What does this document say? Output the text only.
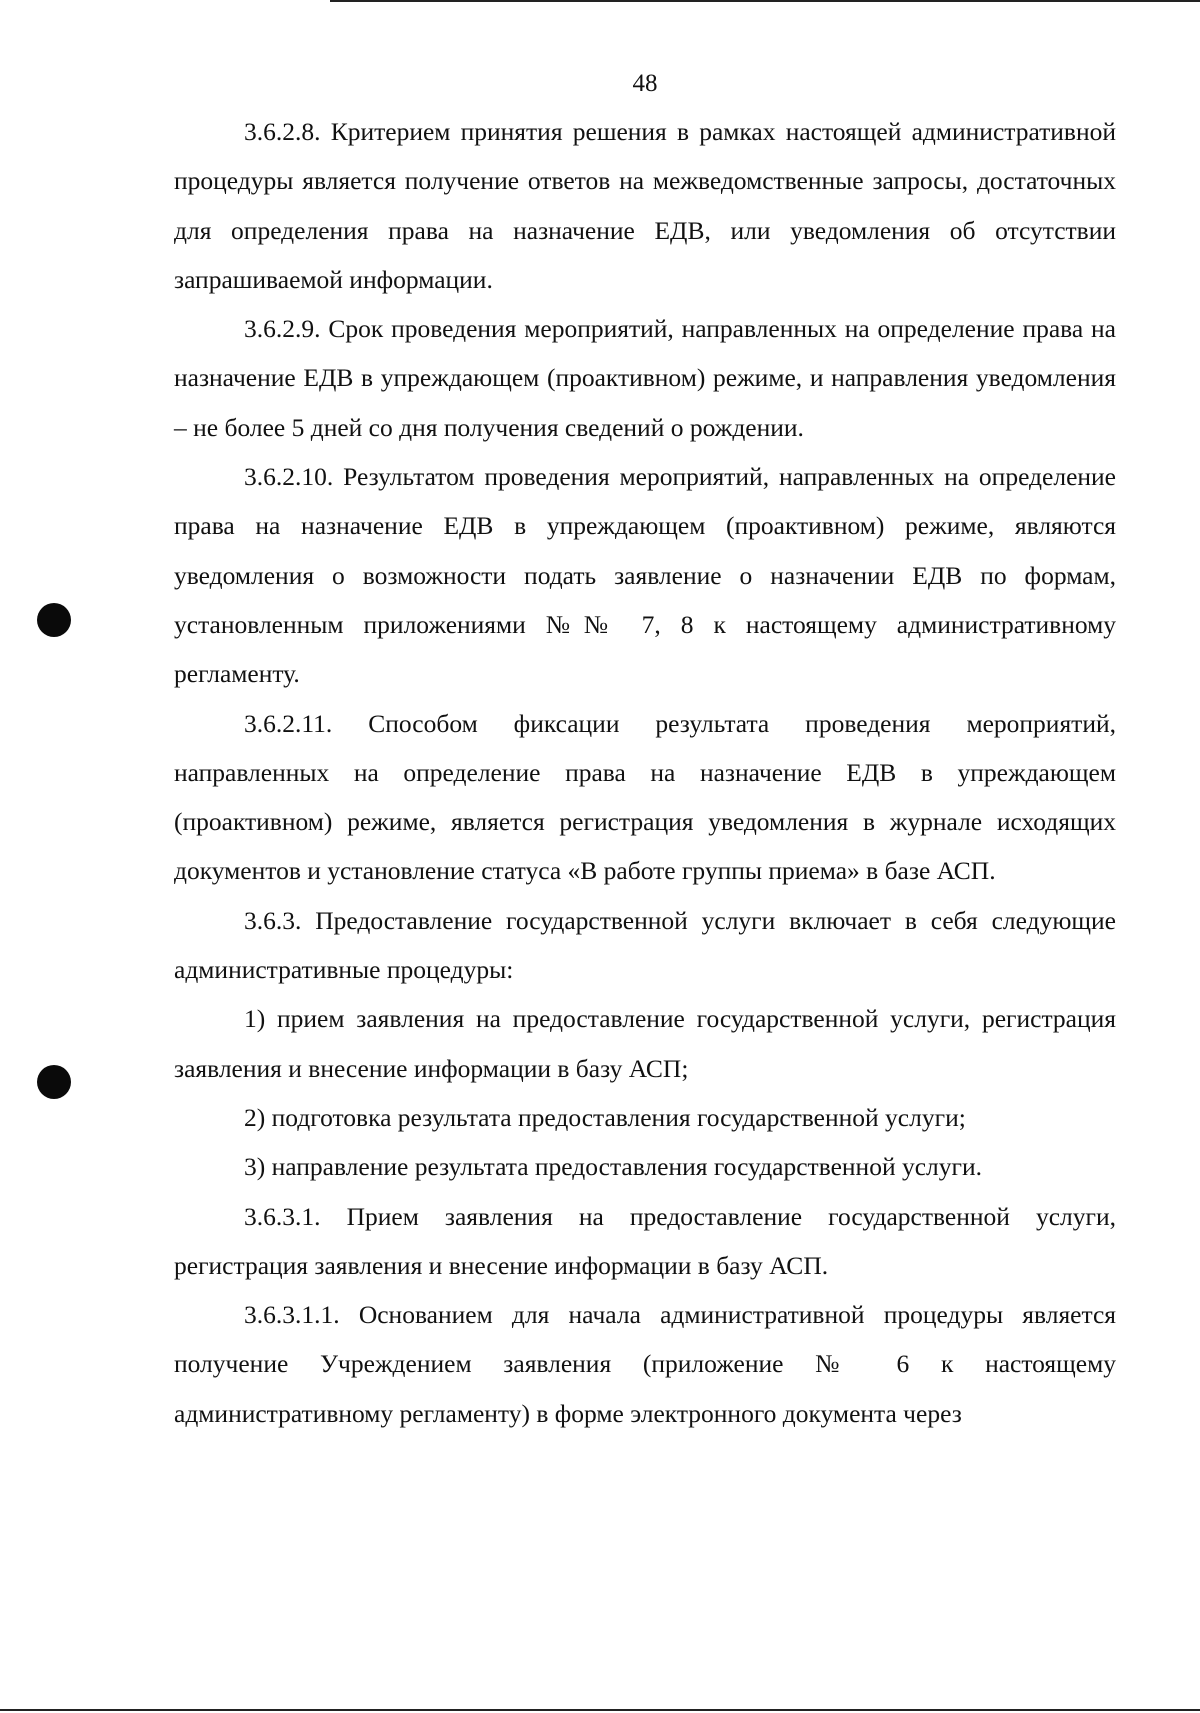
48

3.6.2.8. Критерием принятия решения в рамках настоящей административной процедуры является получение ответов на межведомственные запросы, достаточных для определения права на назначение ЕДВ, или уведомления об отсутствии запрашиваемой информации.

3.6.2.9. Срок проведения мероприятий, направленных на определение права на назначение ЕДВ в упреждающем (проактивном) режиме, и направления уведомления – не более 5 дней со дня получения сведений о рождении.

3.6.2.10. Результатом проведения мероприятий, направленных на определение права на назначение ЕДВ в упреждающем (проактивном) режиме, являются уведомления о возможности подать заявление о назначении ЕДВ по формам, установленным приложениями №№ 7, 8 к настоящему административному регламенту.

3.6.2.11. Способом фиксации результата проведения мероприятий, направленных на определение права на назначение ЕДВ в упреждающем (проактивном) режиме, является регистрация уведомления в журнале исходящих документов и установление статуса «В работе группы приема» в базе АСП.

3.6.3. Предоставление государственной услуги включает в себя следующие административные процедуры:

1) прием заявления на предоставление государственной услуги, регистрация заявления и внесение информации в базу АСП;

2) подготовка результата предоставления государственной услуги;

3) направление результата предоставления государственной услуги.

3.6.3.1. Прием заявления на предоставление государственной услуги, регистрация заявления и внесение информации в базу АСП.

3.6.3.1.1. Основанием для начала административной процедуры является получение Учреждением заявления (приложение № 6 к настоящему административному регламенту) в форме электронного документа через
